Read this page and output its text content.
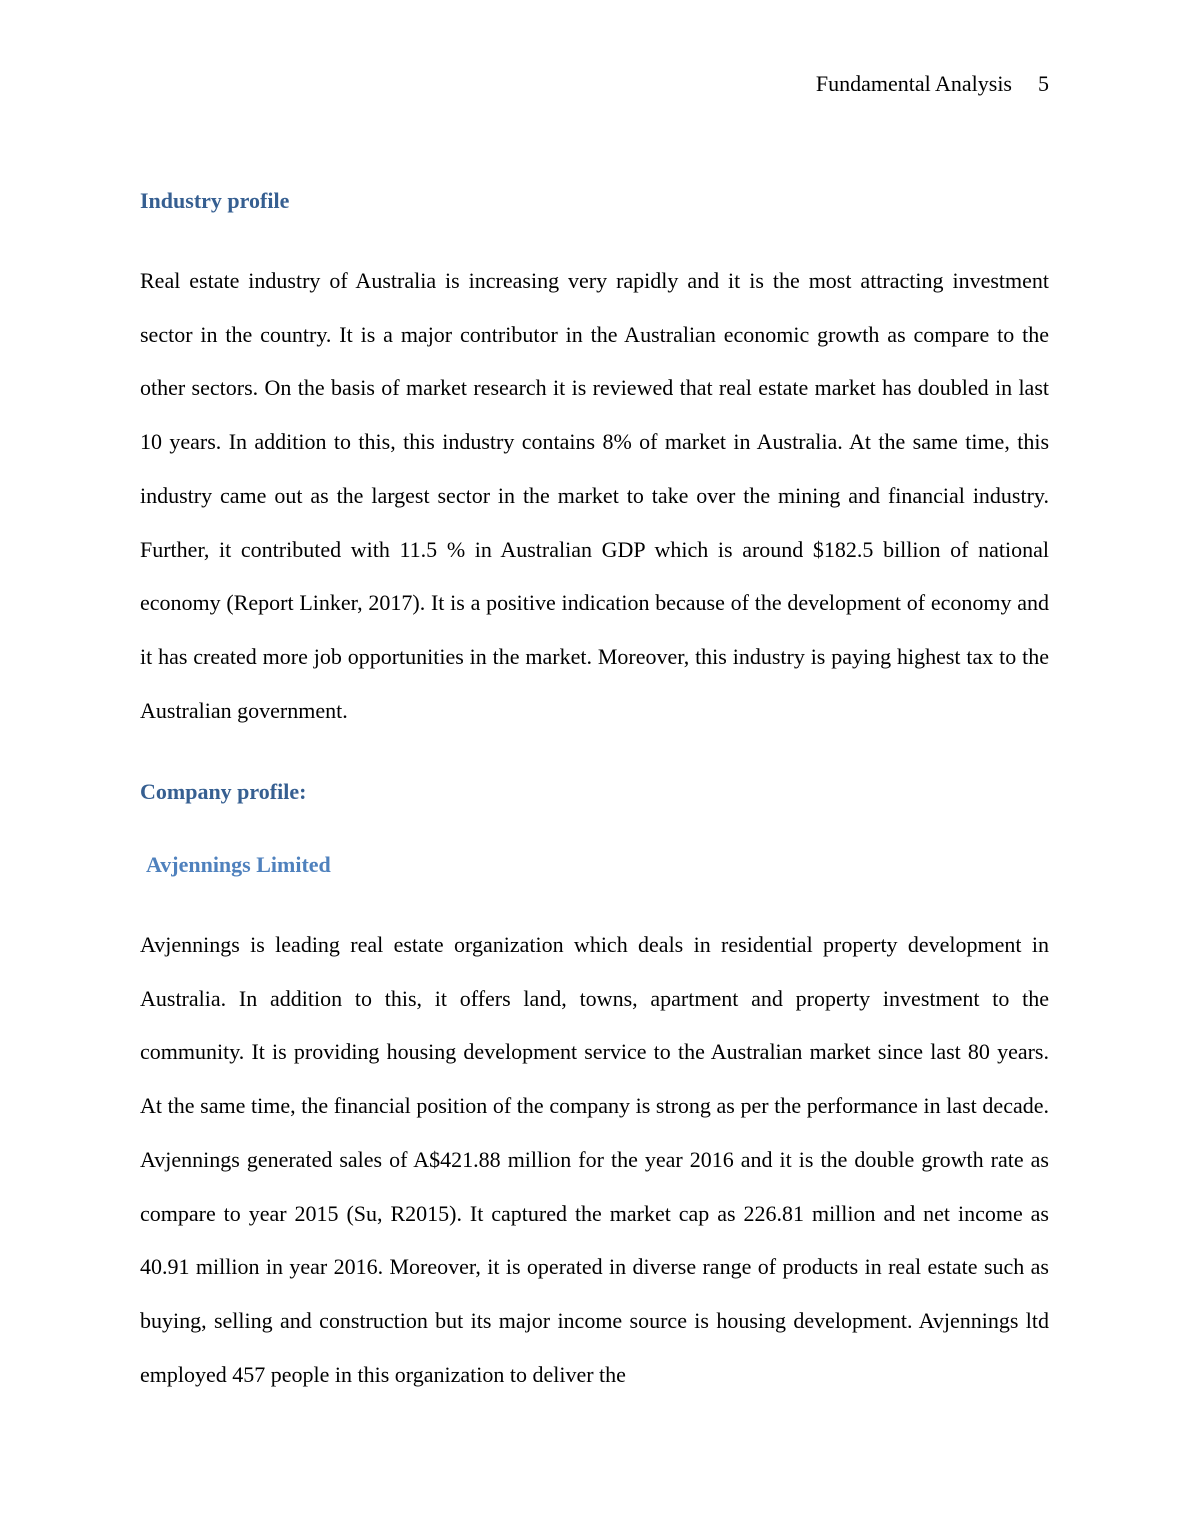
Fundamental Analysis 5
Industry profile

Real estate industry of Australia is increasing very rapidly and it is the most attracting investment sector in the country. It is a major contributor in the Australian economic growth as compare to the other sectors. On the basis of market research it is reviewed that real estate market has doubled in last 10 years. In addition to this, this industry contains 8% of market in Australia. At the same time, this industry came out as the largest sector in the market to take over the mining and financial industry. Further, it contributed with 11.5 % in Australian GDP which is around $182.5 billion of national economy (Report Linker, 2017). It is a positive indication because of the development of economy and it has created more job opportunities in the market. Moreover, this industry is paying highest tax to the Australian government.

Company profile:
Avjennings Limited

Avjennings is leading real estate organization which deals in residential property development in Australia. In addition to this, it offers land, towns, apartment and property investment to the community. It is providing housing development service to the Australian market since last 80 years. At the same time, the financial position of the company is strong as per the performance in last decade. Avjennings generated sales of A$421.88 million for the year 2016 and it is the double growth rate as compare to year 2015 (Su, R2015). It captured the market cap as 226.81 million and net income as 40.91 million in year 2016. Moreover, it is operated in diverse range of products in real estate such as buying, selling and construction but its major income source is housing development. Avjennings ltd employed 457 people in this organization to deliver the
